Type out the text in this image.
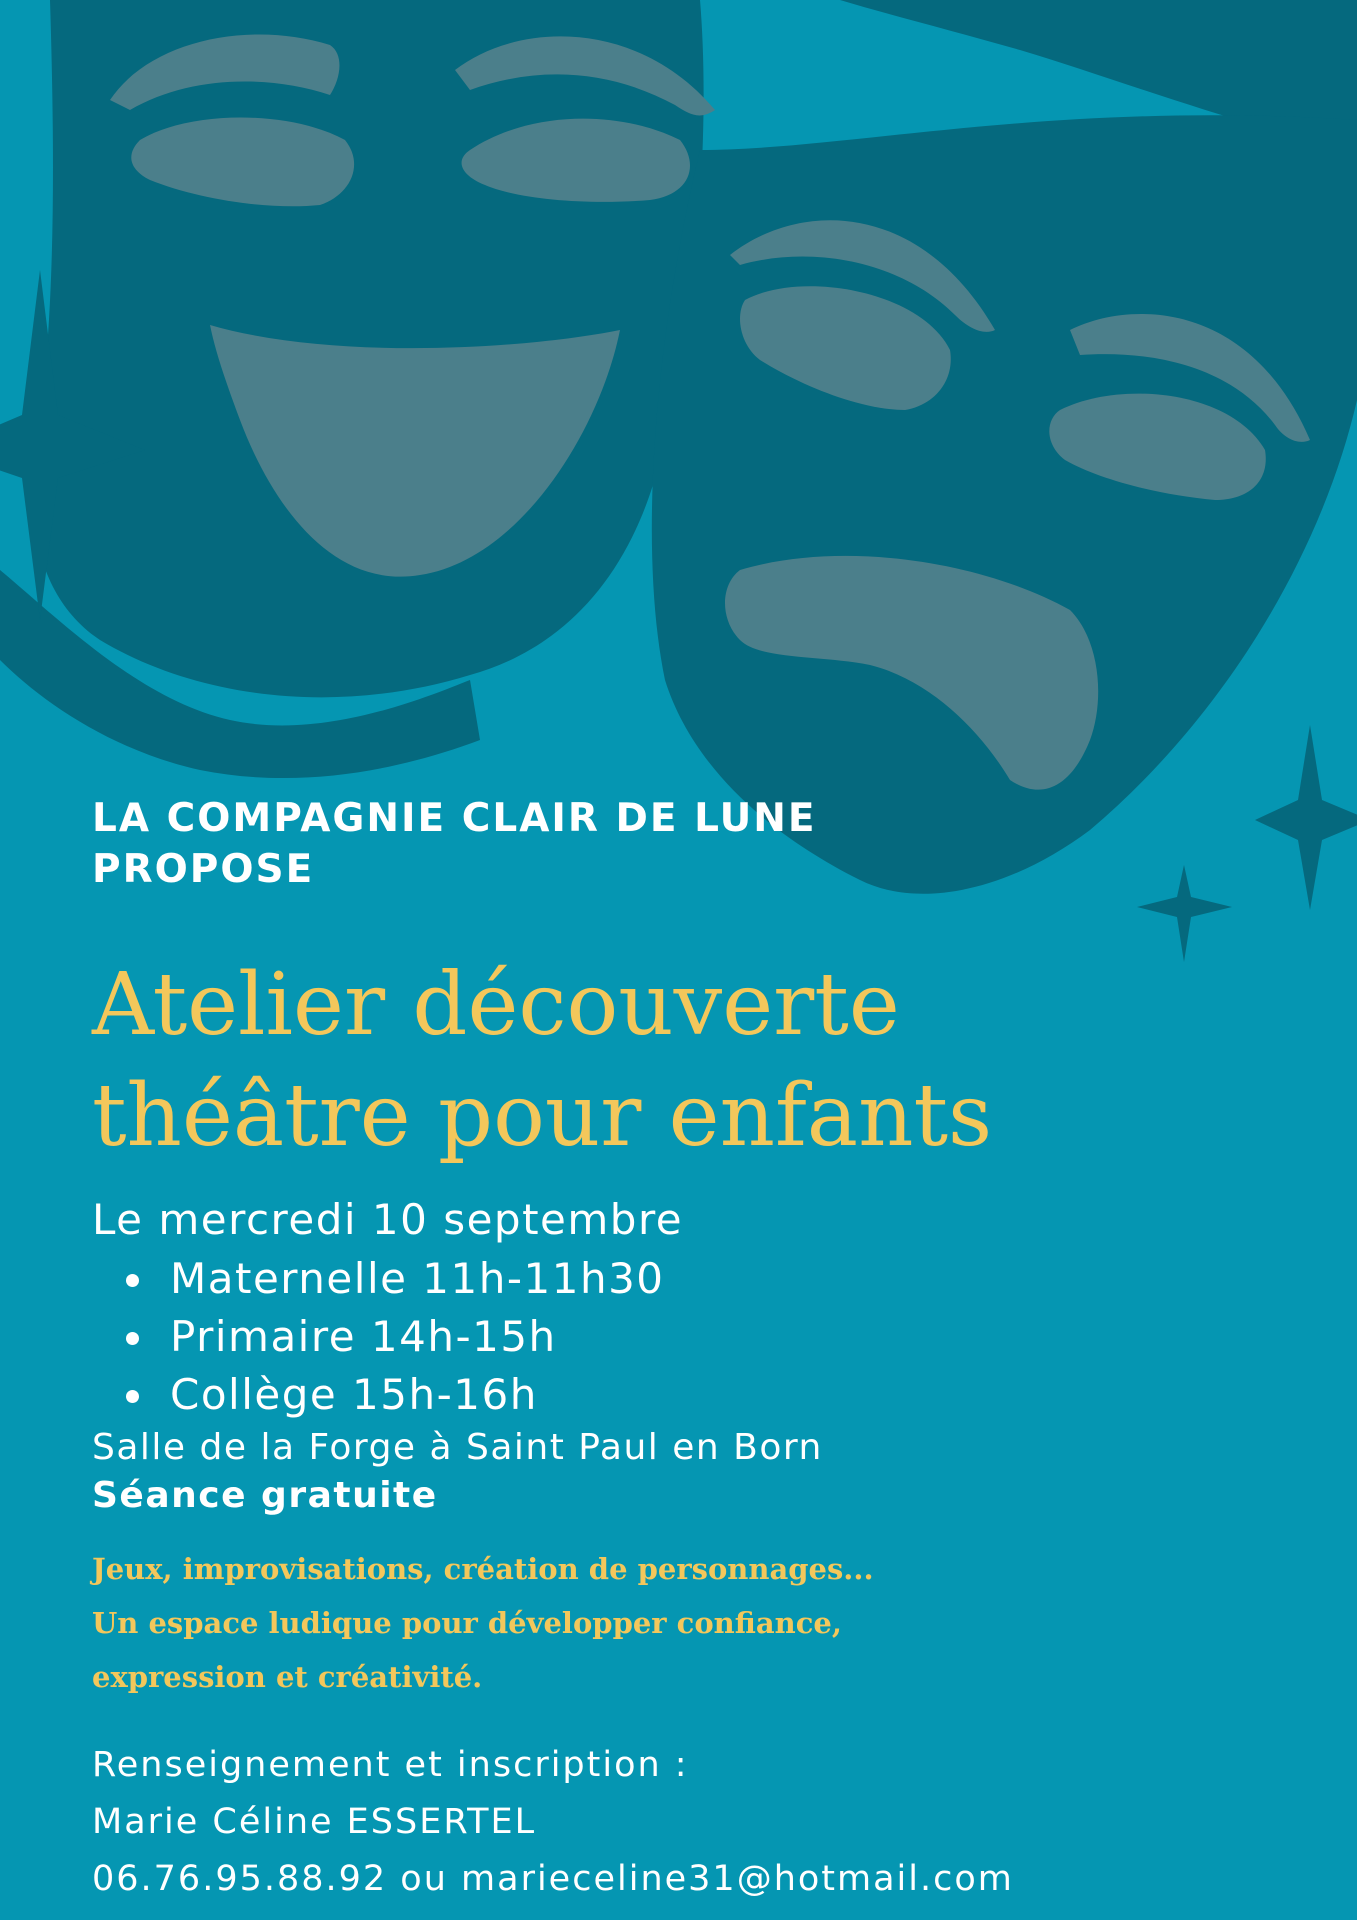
LA COMPAGNIE CLAIR DE LUNE
PROPOSE
Atelier découverte
théâtre pour enfants
Le mercredi 10 septembre
Maternelle 11h-11h30
Primaire 14h-15h
Collège 15h-16h
Salle de la Forge à Saint Paul en Born
Séance gratuite
Jeux, improvisations, création de personnages...
Un espace ludique pour développer confiance,
expression et créativité.
Renseignement et inscription :
Marie Céline ESSERTEL
06.76.95.88.92 ou marieceline31@hotmail.com
